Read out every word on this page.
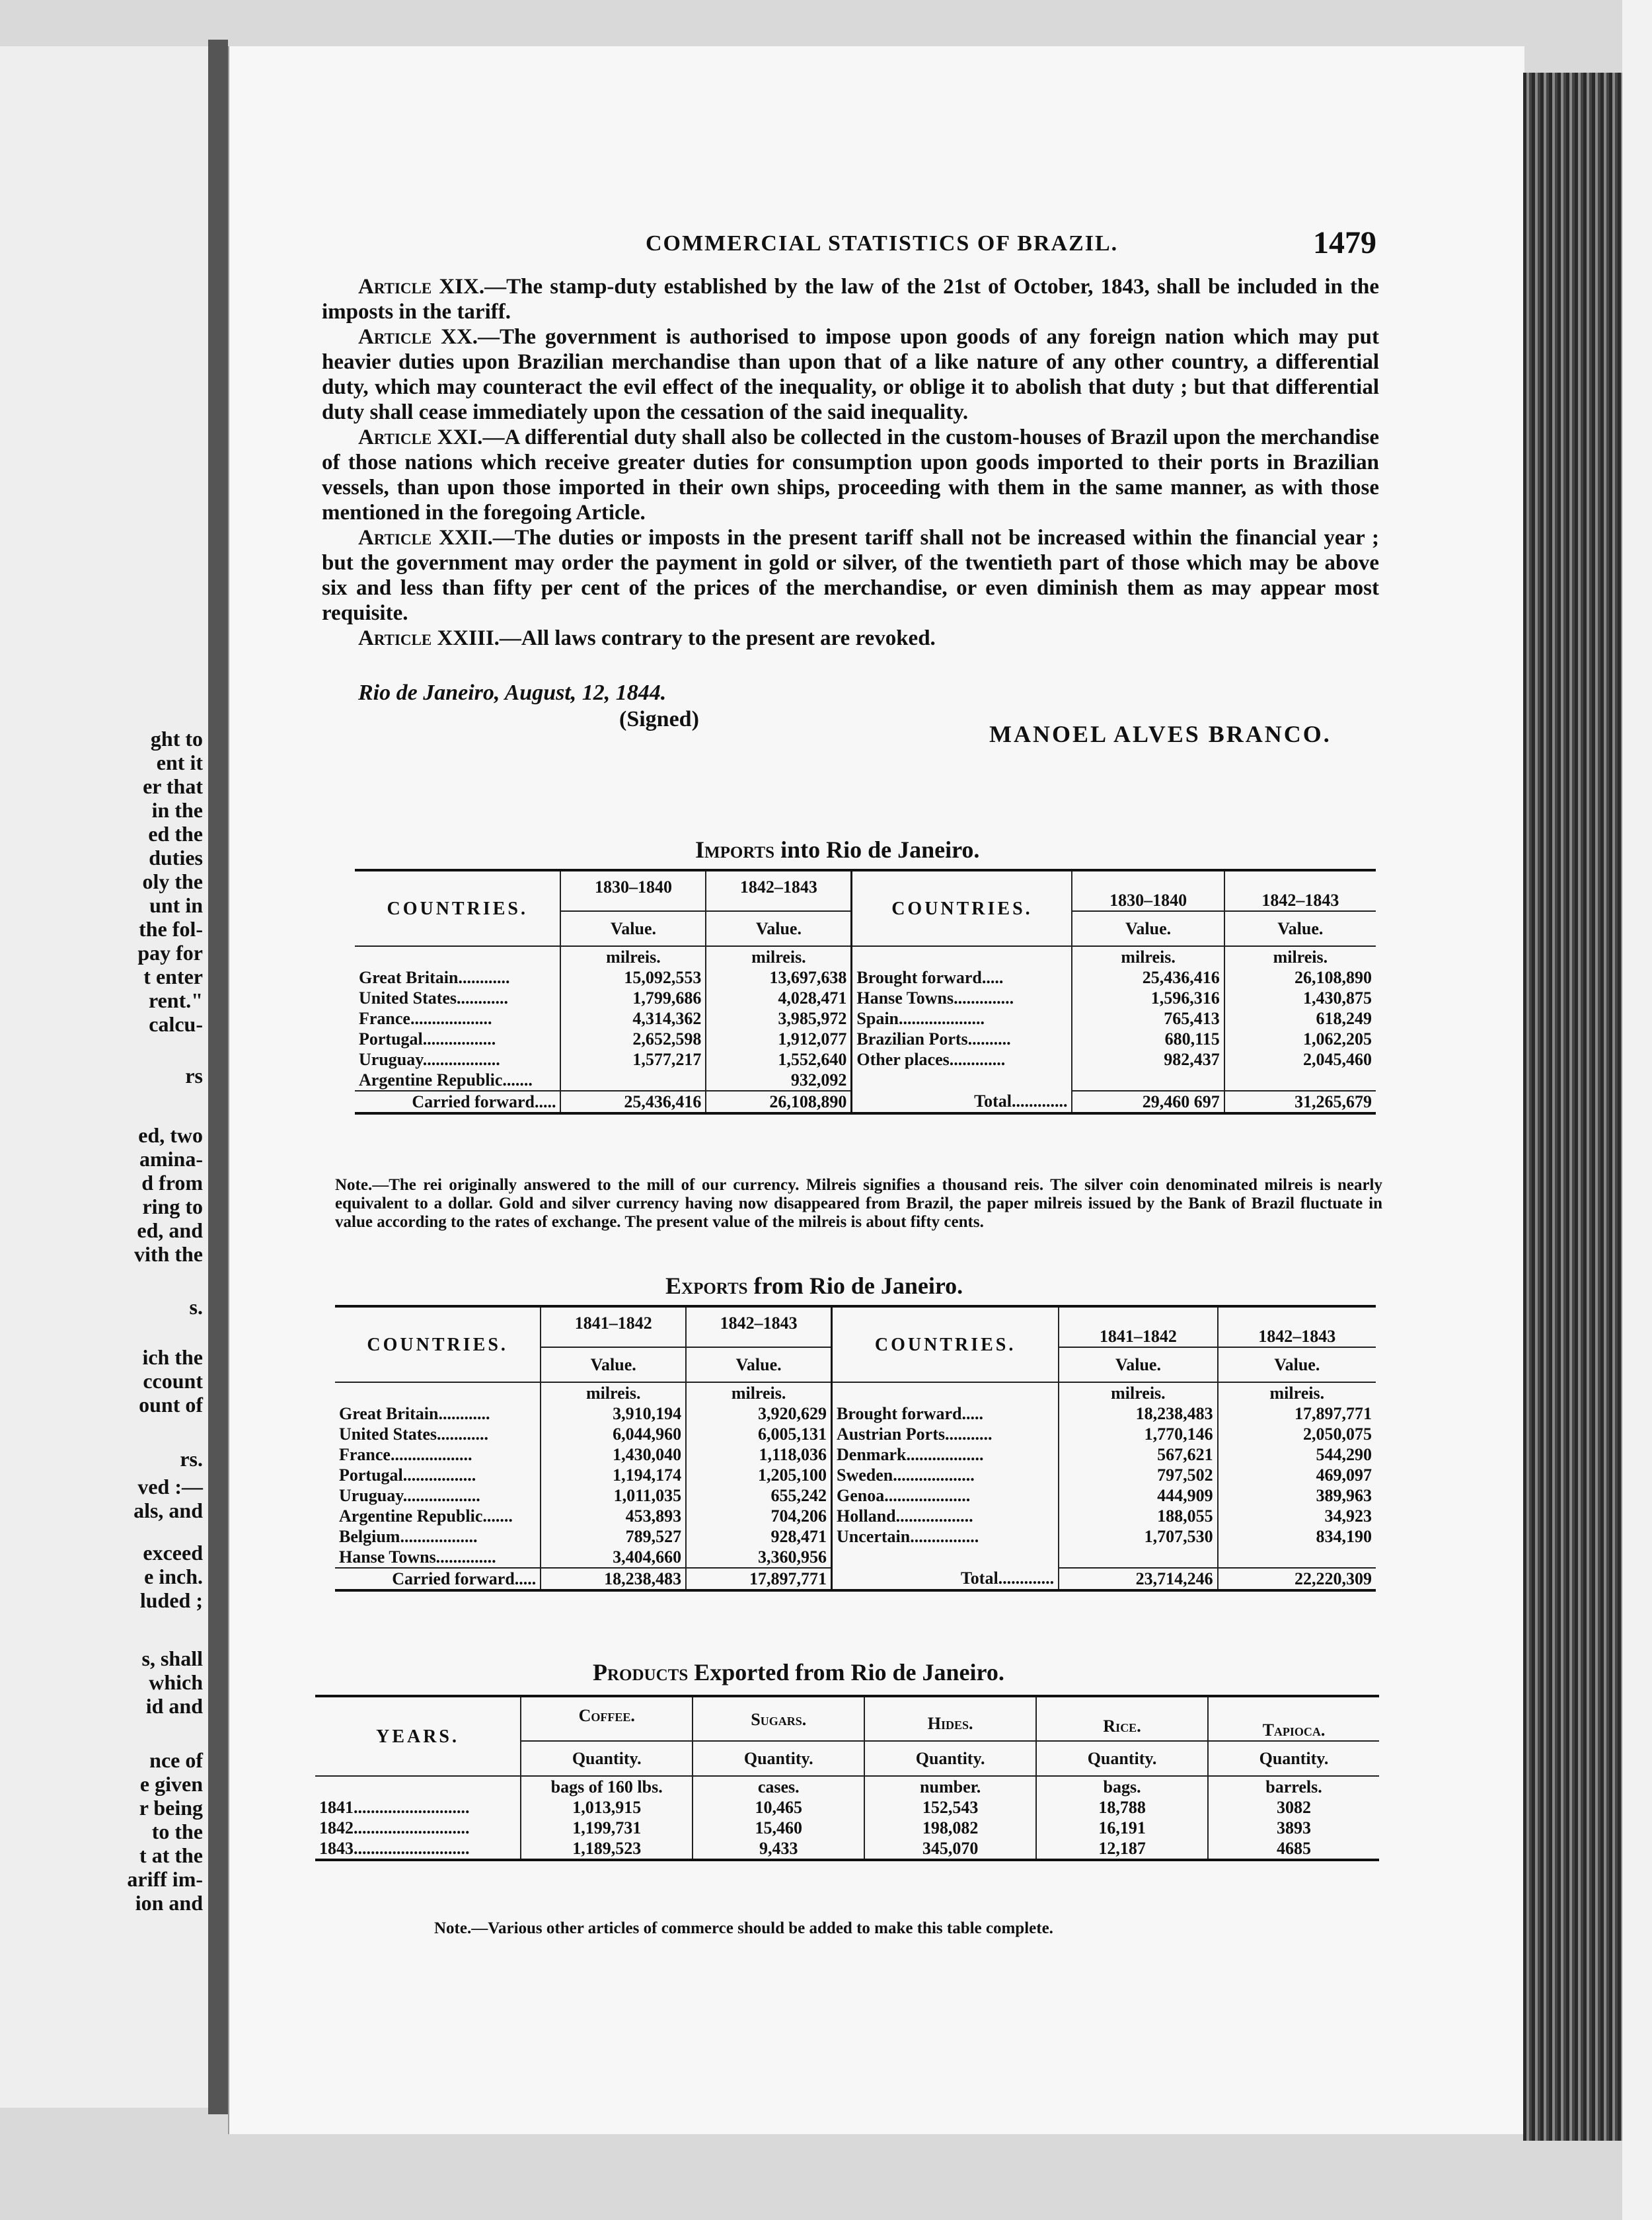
ght to
ent it
er that
in the
ed the
duties
oly the
unt in
the fol-
pay for
t enter
rent."
calcu-
rs
ed, two
amina-
d from
ring to
ed, and
vith the
s.
ich the
ccount
ount of
rs.
ved :—
als, and
exceed
e inch.
luded ;
s, shall
which
id and
nce of
e given
r being
to the
t at the
ariff im-
ion and
COMMERCIAL STATISTICS OF BRAZIL.	1479

Article XIX.—The stamp-duty established by the law of the 21st of October, 1843, shall be included in the imposts in the tariff.

Article XX.—The government is authorised to impose upon goods of any foreign nation which may put heavier duties upon Brazilian merchandise than upon that of a like nature of any other country, a differential duty, which may counteract the evil effect of the inequality, or oblige it to abolish that duty ; but that differential duty shall cease immediately upon the cessation of the said inequality.

Article XXI.—A differential duty shall also be collected in the custom-houses of Brazil upon the merchandise of those nations which receive greater duties for consumption upon goods imported to their ports in Brazilian vessels, than upon those imported in their own ships, proceeding with them in the same manner, as with those mentioned in the foregoing Article.

Article XXII.—The duties or imposts in the present tariff shall not be increased within the financial year ; but the government may order the payment in gold or silver, of the twentieth part of those which may be above six and less than fifty per cent of the prices of the merchandise, or even diminish them as may appear most requisite.

Article XXIII.—All laws contrary to the present are revoked.

Rio de Janeiro, August, 12, 1844.
(Signed)
MANOEL ALVES BRANCO.
Imports into Rio de Janeiro.
COUNTRIES.	1830–1840	1842–1843	COUNTRIES.	1830–1840	1842–1843
	Value.	Value.		Value.	Value.
	milreis.	milreis.		milreis.	milreis.
Great Britain............	15,092,553	13,697,638	Brought forward.....	25,436,416	26,108,890
United States............	1,799,686	4,028,471	Hanse Towns..............	1,596,316	1,430,875
France...................	4,314,362	3,985,972	Spain....................	765,413	618,249
Portugal.................	2,652,598	1,912,077	Brazilian Ports..........	680,115	1,062,205
Uruguay..................	1,577,217	1,552,640	Other places.............	982,437	2,045,460
Argentine Republic.......		932,092			
Carried forward.....	25,436,416	26,108,890	Total.............	29,460 697	31,265,679
Note.—The rei originally answered to the mill of our currency. Milreis signifies a thousand reis. The silver coin denominated milreis is nearly equivalent to a dollar. Gold and silver currency having now disappeared from Brazil, the paper milreis issued by the Bank of Brazil fluctuate in value according to the rates of exchange. The present value of the milreis is about fifty cents.
Exports from Rio de Janeiro.
COUNTRIES.	1841–1842	1842–1843	COUNTRIES.	1841–1842	1842–1843
	Value.	Value.		Value.	Value.
	milreis.	milreis.		milreis.	milreis.
Great Britain............	3,910,194	3,920,629	Brought forward.....	18,238,483	17,897,771
United States............	6,044,960	6,005,131	Austrian Ports...........	1,770,146	2,050,075
France...................	1,430,040	1,118,036	Denmark..................	567,621	544,290
Portugal.................	1,194,174	1,205,100	Sweden...................	797,502	469,097
Uruguay..................	1,011,035	655,242	Genoa....................	444,909	389,963
Argentine Republic.......	453,893	704,206	Holland..................	188,055	34,923
Belgium..................	789,527	928,471	Uncertain................	1,707,530	834,190
Hanse Towns..............	3,404,660	3,360,956			
Carried forward.....	18,238,483	17,897,771	Total.............	23,714,246	22,220,309
Products Exported from Rio de Janeiro.
YEARS.	Coffee.	Sugars.	Hides.	Rice.	Tapioca.
	Quantity.	Quantity.	Quantity.	Quantity.	Quantity.
	bags of 160 lbs.	cases.	number.	bags.	barrels.
1841...........................	1,013,915	10,465	152,543	18,788	3082
1842...........................	1,199,731	15,460	198,082	16,191	3893
1843...........................	1,189,523	9,433	345,070	12,187	4685
Note.—Various other articles of commerce should be added to make this table complete.
